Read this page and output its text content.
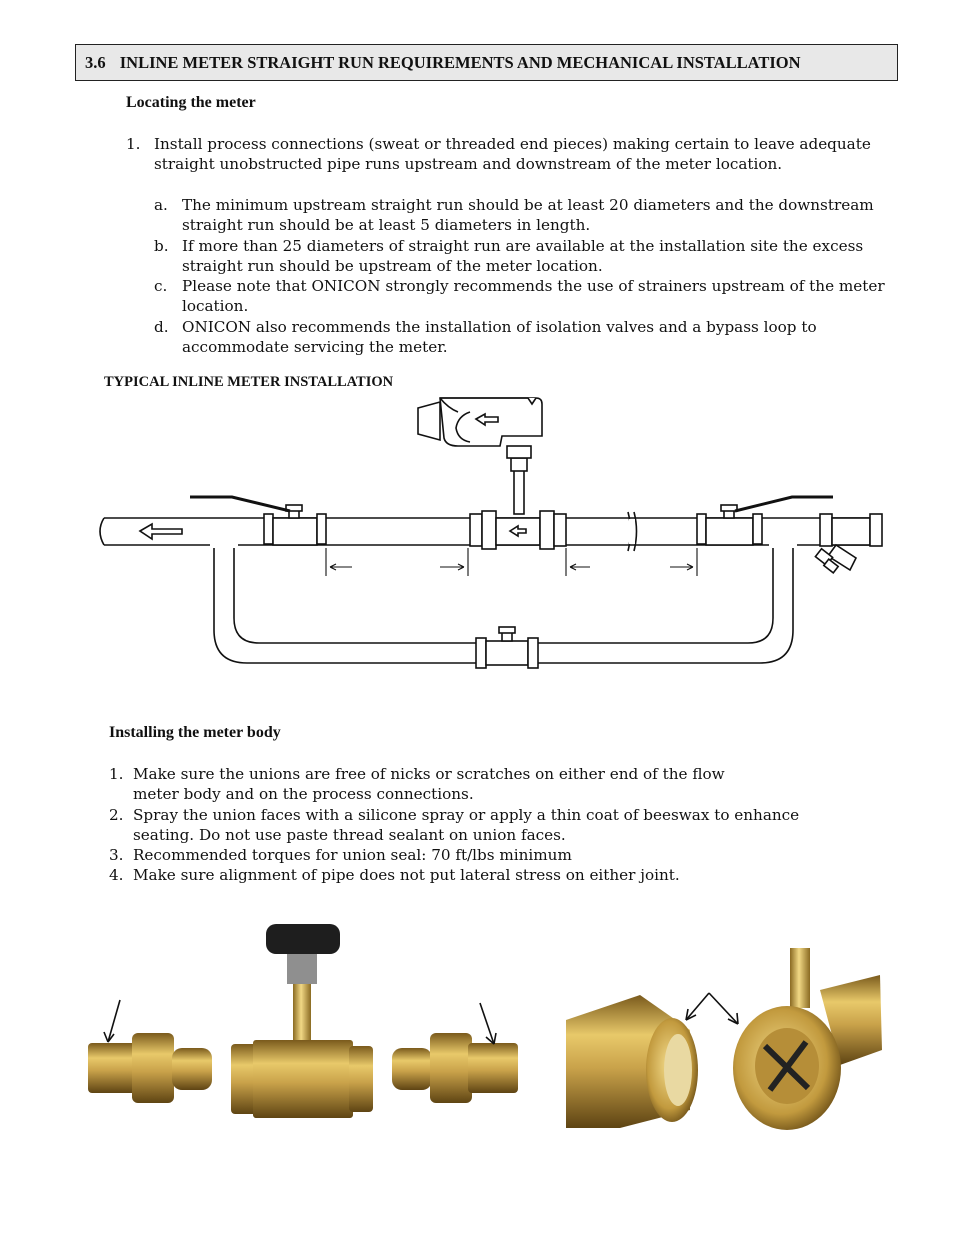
3.6 INLINE METER STRAIGHT RUN REQUIREMENTS AND MECHANICAL INSTALLATION
Locating the meter
1. Install process connections (sweat or threaded end pieces) making certain to leave adequate straight unobstructed pipe runs upstream and downstream of the meter location.
a. The minimum upstream straight run should be at least 20 diameters and the downstream straight run should be at least 5 diameters in length.
b. If more than 25 diameters of straight run are available at the installation site the excess straight run should be upstream of the meter location.
c. Please note that ONICON strongly recommends the use of strainers upstream of the meter location.
d. ONICON also recommends the installation of isolation valves and a bypass loop to accommodate servicing the meter.
TYPICAL INLINE METER INSTALLATION
Installing the meter body
1. Make sure the unions are free of nicks or scratches on either end of the flow meter body and on the process connections.
2. Spray the union faces with a silicone spray or apply a thin coat of beeswax to enhance seating. Do not use paste thread sealant on union faces.
3. Recommended torques for union seal: 70 ft/lbs minimum
4. Make sure alignment of pipe does not put lateral stress on either joint.
